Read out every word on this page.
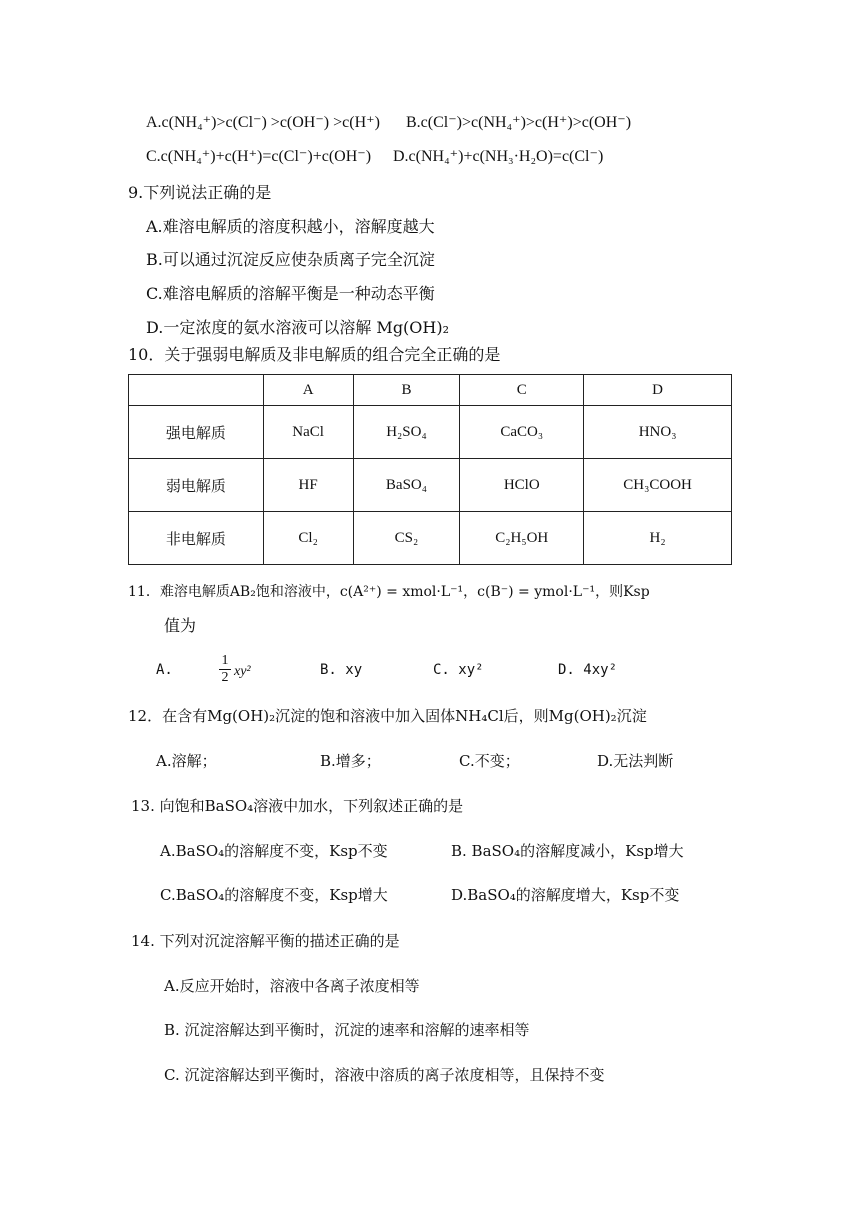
A.c(NH₄⁺)>c(Cl⁻) >c(OH⁻) >c(H⁺) B.c(Cl⁻)>c(NH₄⁺)>c(H⁺)>c(OH⁻)
C.c(NH₄⁺)+c(H⁺)=c(Cl⁻)+c(OH⁻) D.c(NH₄⁺)+c(NH₃·H₂O)=c(Cl⁻)
9.下列说法正确的是
A.难溶电解质的溶度积越小，溶解度越大
B.可以通过沉淀反应使杂质离子完全沉淀
C.难溶电解质的溶解平衡是一种动态平衡
D.一定浓度的氨水溶液可以溶解 Mg(OH)₂
10．关于强弱电解质及非电解质的组合完全正确的是
	A	B	C	D
强电解质	NaCl	H₂SO₄	CaCO₃	HNO₃
弱电解质	HF	BaSO₄	HClO	CH₃COOH
非电解质	Cl₂	CS₂	C₂H₅OH	H₂
11．难溶电解质AB₂饱和溶液中，c(A²⁺) = xmol·L⁻¹，c(B⁻) = ymol·L⁻¹，则Ksp
值为
A.
1
2 xy²	B. xy	C. xy²	D. 4xy²
12．在含有Mg(OH)₂沉淀的饱和溶液中加入固体NH₄Cl后，则Mg(OH)₂沉淀
A.溶解；	B.增多；	C.不变；	D.无法判断
13. 向饱和BaSO₄溶液中加水，下列叙述正确的是
A.BaSO₄的溶解度不变，Ksp不变	B. BaSO₄的溶解度减小，Ksp增大
C.BaSO₄的溶解度不变，Ksp增大	D.BaSO₄的溶解度增大，Ksp不变
14. 下列对沉淀溶解平衡的描述正确的是
A.反应开始时，溶液中各离子浓度相等
B. 沉淀溶解达到平衡时，沉淀的速率和溶解的速率相等
C. 沉淀溶解达到平衡时，溶液中溶质的离子浓度相等，且保持不变
